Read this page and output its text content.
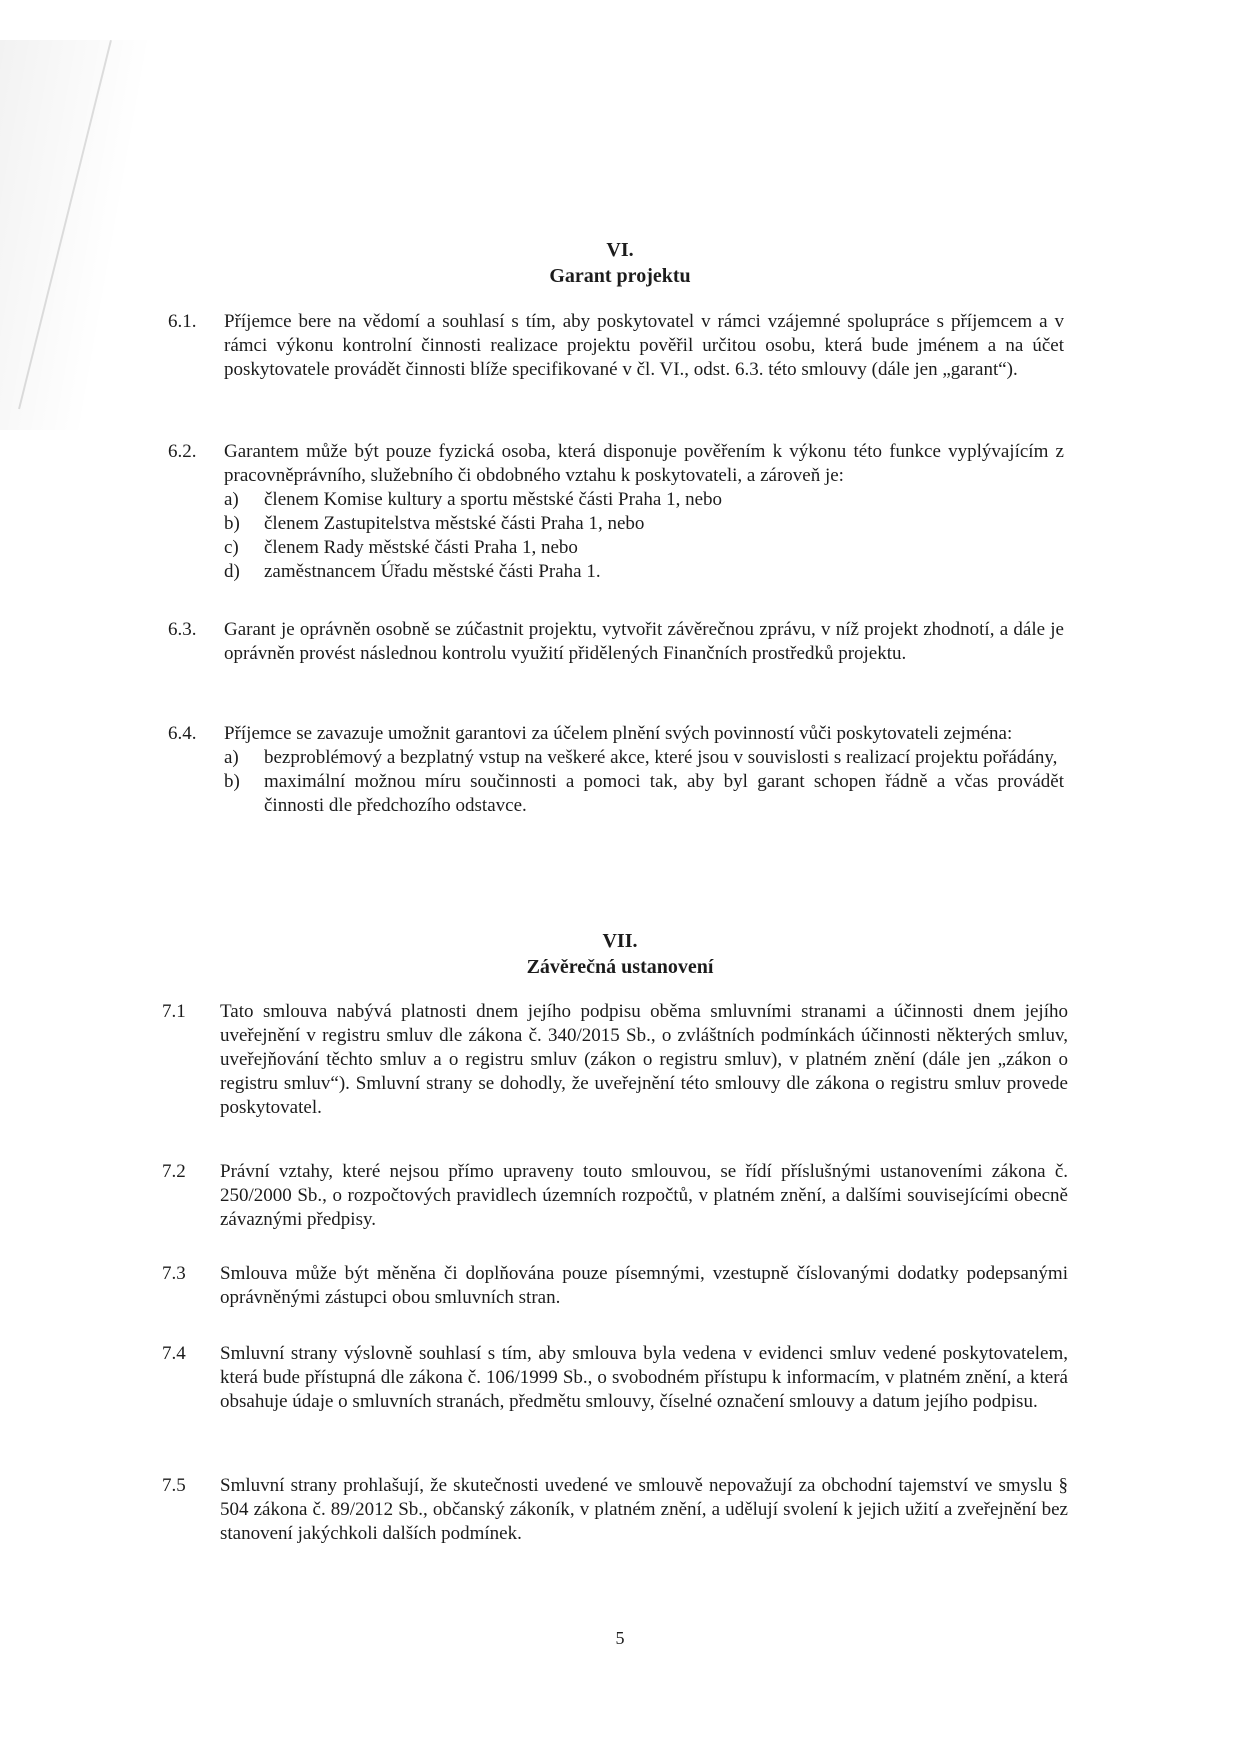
VI.
Garant projektu
6.1. Příjemce bere na vědomí a souhlasí s tím, aby poskytovatel v rámci vzájemné spolupráce s příjemcem a v rámci výkonu kontrolní činnosti realizace projektu pověřil určitou osobu, která bude jménem a na účet poskytovatele provádět činnosti blíže specifikované v čl. VI., odst. 6.3. této smlouvy (dále jen „garant“).

6.2. Garantem může být pouze fyzická osoba, která disponuje pověřením k výkonu této funkce vyplývajícím z pracovněprávního, služebního či obdobného vztahu k poskytovateli, a zároveň je:

a) členem Komise kultury a sportu městské části Praha 1, nebo

b) členem Zastupitelstva městské části Praha 1, nebo

c) členem Rady městské části Praha 1, nebo

d) zaměstnancem Úřadu městské části Praha 1.

6.3. Garant je oprávněn osobně se zúčastnit projektu, vytvořit závěrečnou zprávu, v níž projekt zhodnotí, a dále je oprávněn provést následnou kontrolu využití přidělených Finančních prostředků projektu.

6.4. Příjemce se zavazuje umožnit garantovi za účelem plnění svých povinností vůči poskytovateli zejména:

a) bezproblémový a bezplatný vstup na veškeré akce, které jsou v souvislosti s realizací projektu pořádány,

b) maximální možnou míru součinnosti a pomoci tak, aby byl garant schopen řádně a včas provádět činnosti dle předchozího odstavce.

VII.
Závěrečná ustanovení
7.1 Tato smlouva nabývá platnosti dnem jejího podpisu oběma smluvními stranami a účinnosti dnem jejího uveřejnění v registru smluv dle zákona č. 340/2015 Sb., o zvláštních podmínkách účinnosti některých smluv, uveřejňování těchto smluv a o registru smluv (zákon o registru smluv), v platném znění (dále jen „zákon o registru smluv“). Smluvní strany se dohodly, že uveřejnění této smlouvy dle zákona o registru smluv provede poskytovatel.

7.2 Právní vztahy, které nejsou přímo upraveny touto smlouvou, se řídí příslušnými ustanoveními zákona č. 250/2000 Sb., o rozpočtových pravidlech územních rozpočtů, v platném znění, a dalšími souvisejícími obecně závaznými předpisy.

7.3 Smlouva může být měněna či doplňována pouze písemnými, vzestupně číslovanými dodatky podepsanými oprávněnými zástupci obou smluvních stran.

7.4 Smluvní strany výslovně souhlasí s tím, aby smlouva byla vedena v evidenci smluv vedené poskytovatelem, která bude přístupná dle zákona č. 106/1999 Sb., o svobodném přístupu k informacím, v platném znění, a která obsahuje údaje o smluvních stranách, předmětu smlouvy, číselné označení smlouvy a datum jejího podpisu.

7.5 Smluvní strany prohlašují, že skutečnosti uvedené ve smlouvě nepovažují za obchodní tajemství ve smyslu § 504 zákona č. 89/2012 Sb., občanský zákoník, v platném znění, a udělují svolení k jejich užití a zveřejnění bez stanovení jakýchkoli dalších podmínek.

5
